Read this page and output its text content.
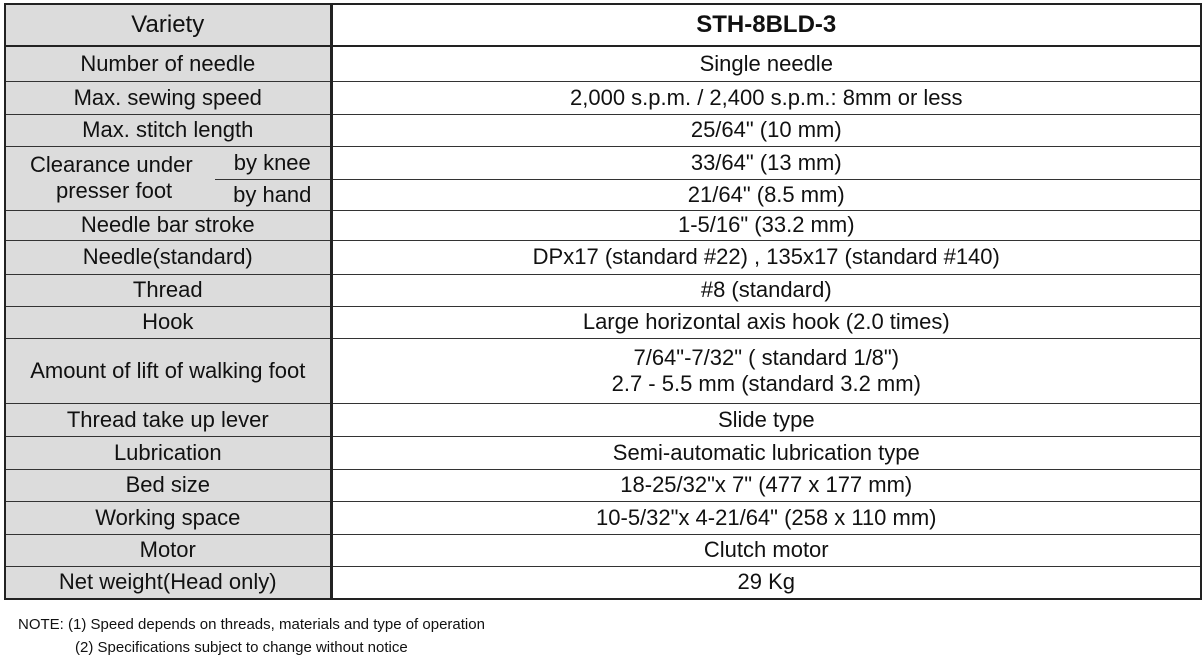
Variety		STH-8BLD-3
Number of needle		Single needle
Max. sewing speed		2,000 s.p.m. / 2,400 s.p.m.: 8mm or less
Max. stitch length		25/64" (10 mm)

Clearance under
presser foot	by knee	33/64" (13 mm)
	by hand	21/64" (8.5 mm)
Needle bar stroke		1-5/16" (33.2 mm)
Needle(standard)		DPx17 (standard #22) , 135x17 (standard #140)
Thread		#8 (standard)
Hook		Large horizontal axis hook (2.0 times)
Amount of lift of walking foot		7/64"-7/32" ( standard 1/8")
2.7 - 5.5 mm (standard 3.2 mm)

Thread take up lever		Slide type
Lubrication		Semi-automatic lubrication type
Bed size		18-25/32"x 7" (477 x 177 mm)
Working space		10-5/32"x 4-21/64" (258 x 110 mm)
Motor		Clutch motor
Net weight(Head only)		29 Kg
NOTE: (1) Speed depends on threads, materials and type of operation
(2) Specifications subject to change without notice
